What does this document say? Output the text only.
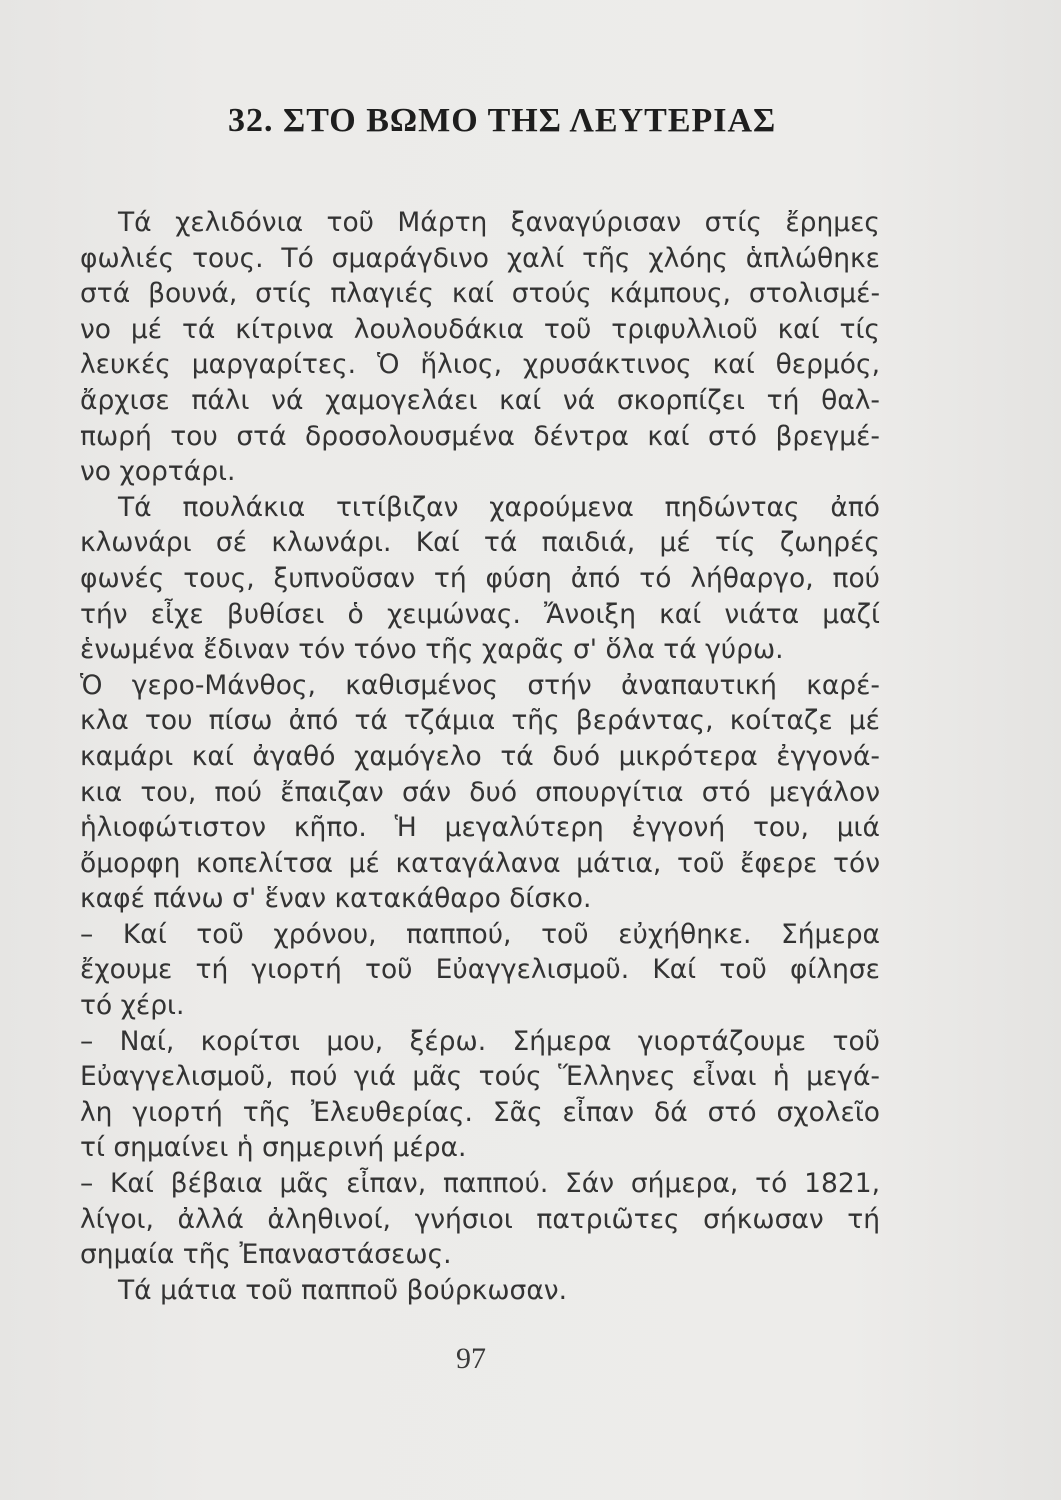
32. ΣΤΟ ΒΩΜΟ ΤΗΣ ΛΕΥΤΕΡΙΑΣ
Τά χελιδόνια τοῦ Μάρτη ξαναγύρισαν στίς ἔρημες
φωλιές τους. Τό σμαράγδινο χαλί τῆς χλόης ἁπλώθηκε
στά βουνά, στίς πλαγιές καί στούς κάμπους, στολισμέ-
νο μέ τά κίτρινα λουλουδάκια τοῦ τριφυλλιοῦ καί τίς
λευκές μαργαρίτες. Ὁ ἥλιος, χρυσάκτινος καί θερμός,
ἄρχισε πάλι νά χαμογελάει καί νά σκορπίζει τή θαλ-
πωρή του στά δροσολουσμένα δέντρα καί στό βρεγμέ-
νο χορτάρι.
Τά πουλάκια τιτίβιζαν χαρούμενα πηδώντας ἀπό
κλωνάρι σέ κλωνάρι. Καί τά παιδιά, μέ τίς ζωηρές
φωνές τους, ξυπνοῦσαν τή φύση ἀπό τό λήθαργο, πού
τήν εἶχε βυθίσει ὁ χειμώνας. Ἄνοιξη καί νιάτα μαζί
ἑνωμένα ἔδιναν τόν τόνο τῆς χαρᾶς σ' ὅλα τά γύρω.
Ὁ γερο-Μάνθος, καθισμένος στήν ἀναπαυτική καρέ-
κλα του πίσω ἀπό τά τζάμια τῆς βεράντας, κοίταζε μέ
καμάρι καί ἀγαθό χαμόγελο τά δυό μικρότερα ἐγγονά-
κια του, πού ἔπαιζαν σάν δυό σπουργίτια στό μεγάλον
ἡλιοφώτιστον κῆπο. Ἡ μεγαλύτερη ἐγγονή του, μιά
ὄμορφη κοπελίτσα μέ καταγάλανα μάτια, τοῦ ἔφερε τόν
καφέ πάνω σ' ἕναν κατακάθαρο δίσκο.
– Καί τοῦ χρόνου, παππού, τοῦ εὐχήθηκε. Σήμερα
ἔχουμε τή γιορτή τοῦ Εὐαγγελισμοῦ. Καί τοῦ φίλησε
τό χέρι.
– Ναί, κορίτσι μου, ξέρω. Σήμερα γιορτάζουμε τοῦ
Εὐαγγελισμοῦ, πού γιά μᾶς τούς Ἕλληνες εἶναι ἡ μεγά-
λη γιορτή τῆς Ἐλευθερίας. Σᾶς εἶπαν δά στό σχολεῖο
τί σημαίνει ἡ σημερινή μέρα.
– Καί βέβαια μᾶς εἶπαν, παππού. Σάν σήμερα, τό 1821,
λίγοι, ἀλλά ἀληθινοί, γνήσιοι πατριῶτες σήκωσαν τή
σημαία τῆς Ἐπαναστάσεως.
Τά μάτια τοῦ παπποῦ βούρκωσαν.
97
